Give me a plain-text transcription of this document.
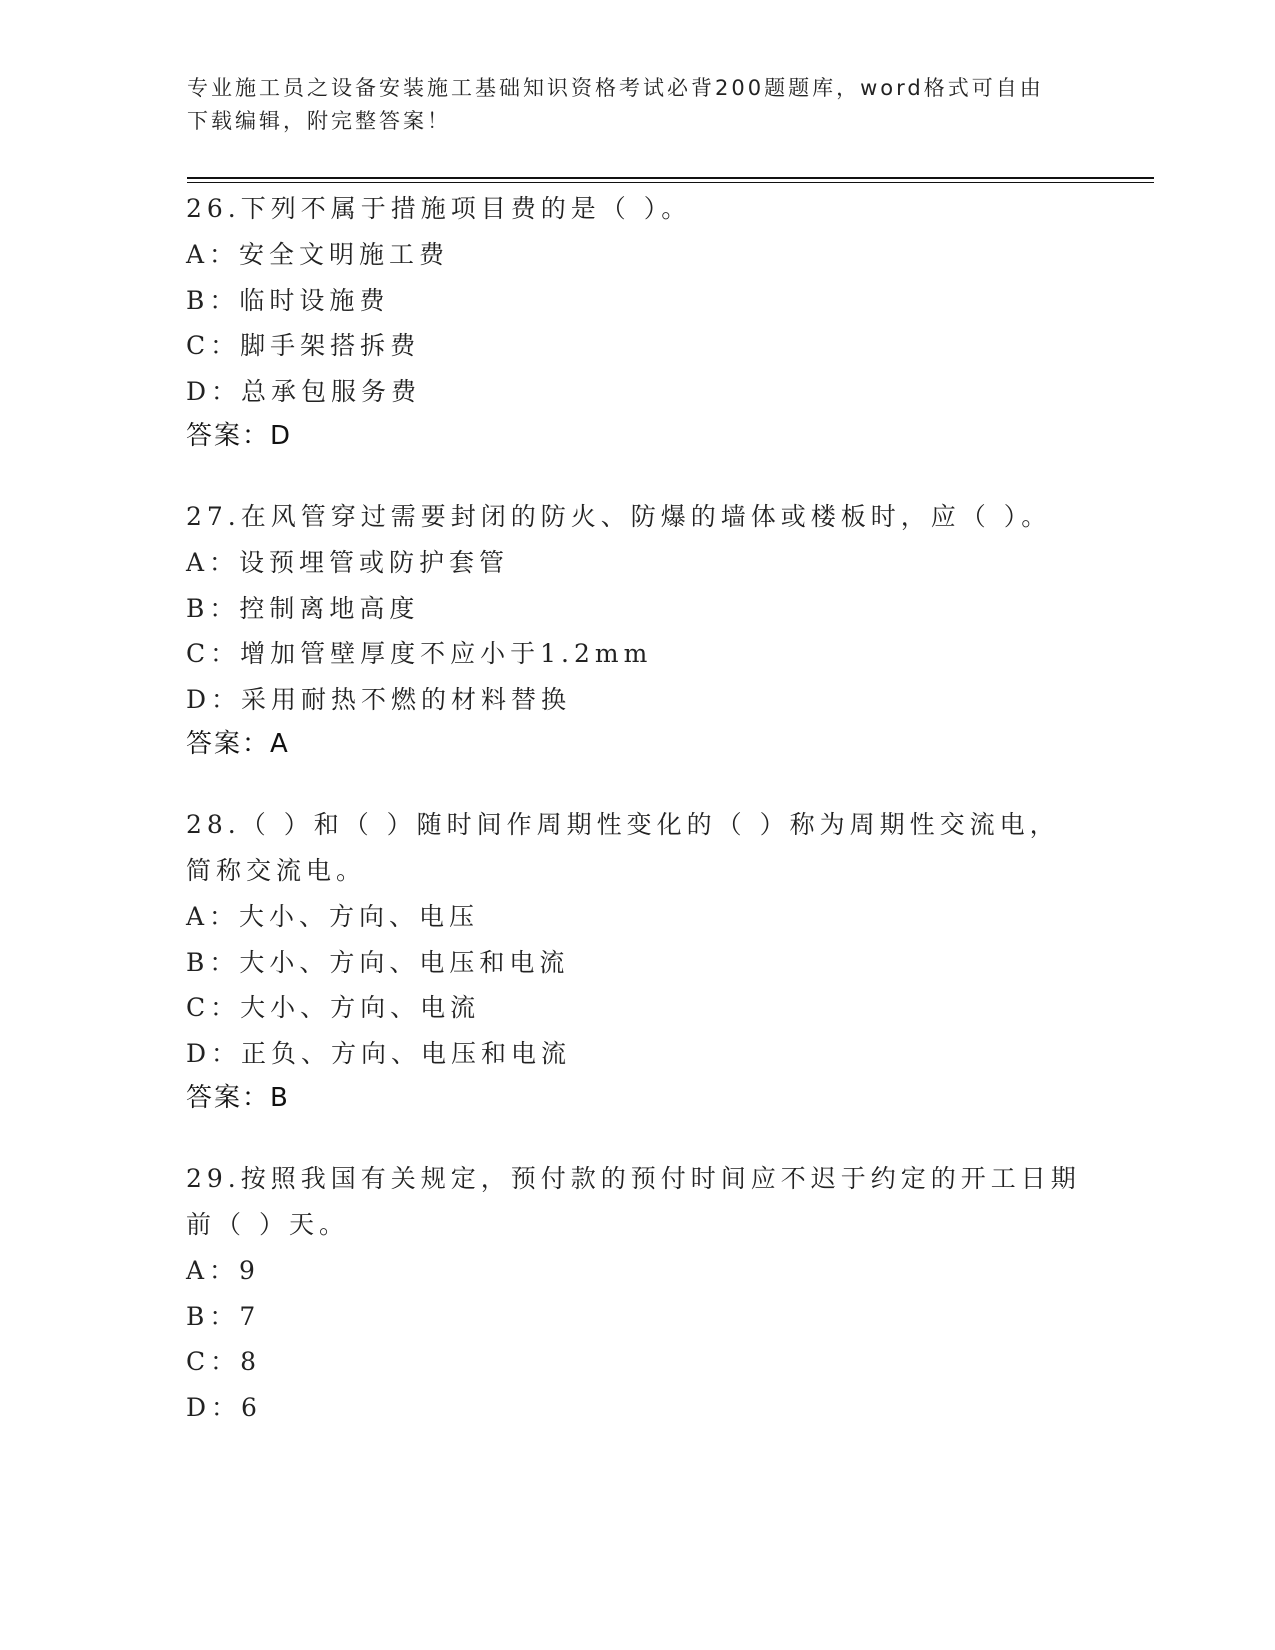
专业施工员之设备安装施工基础知识资格考试必背200题题库，word格式可自由
下载编辑，附完整答案！
26.下列不属于措施项目费的是（ ）。
A：安全文明施工费
B：临时设施费
C：脚手架搭拆费
D：总承包服务费
答案：D
27.在风管穿过需要封闭的防火、防爆的墙体或楼板时，应（ ）。
A：设预埋管或防护套管
B：控制离地高度
C：增加管壁厚度不应小于1.2mm
D：采用耐热不燃的材料替换
答案：A
28.（ ）和（ ）随时间作周期性变化的（ ）称为周期性交流电，简称交流电。
A：大小、方向、电压
B：大小、方向、电压和电流
C：大小、方向、电流
D：正负、方向、电压和电流
答案：B
29.按照我国有关规定，预付款的预付时间应不迟于约定的开工日期前（ ）天。
A：9
B：7
C：8
D：6
